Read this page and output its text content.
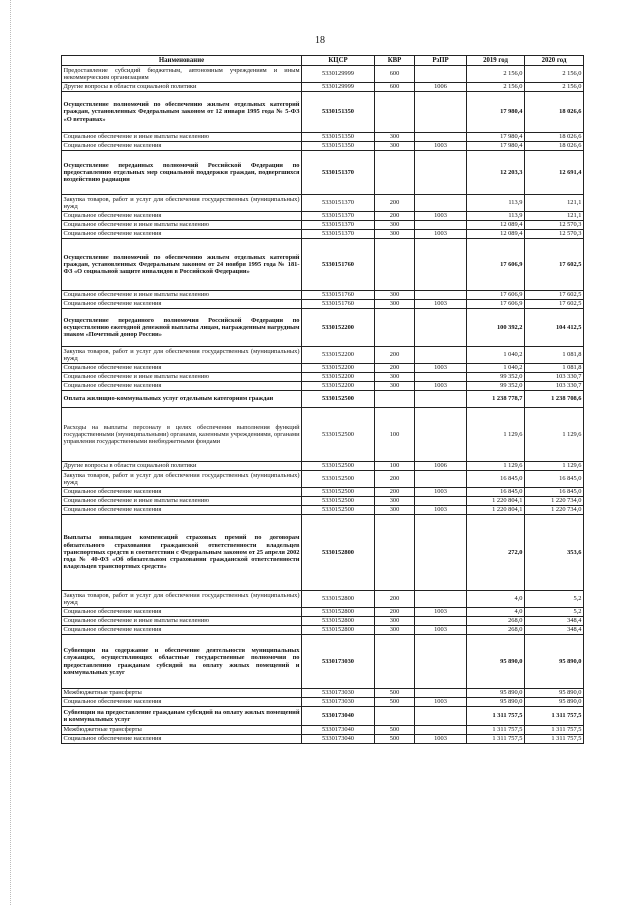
18
Наименование	КЦСР	КВР	РзПР	2019 год	2020 год
Предоставление субсидий бюджетным, автономным учреждениям и иным некоммерческим организациям	5330129999	600		2 156,0	2 156,0
Другие вопросы в области социальной политики	5330129999	600	1006	2 156,0	2 156,0
Осуществление полномочий по обеспечению жильем отдельных категорий граждан, установленных Федеральным законом от 12 января 1995 года № 5-ФЗ «О ветеранах»	5330151350			17 980,4	18 026,6
Социальное обеспечение и иные выплаты населению	5330151350	300		17 980,4	18 026,6
Социальное обеспечение населения	5330151350	300	1003	17 980,4	18 026,6
Осуществление переданных полномочий Российской Федерации по предоставлению отдельных мер социальной поддержки граждан, подвергшихся воздействию радиации	5330151370			12 203,3	12 691,4
Закупка товаров, работ и услуг для обеспечения государственных (муниципальных) нужд	5330151370	200		113,9	121,1
Социальное обеспечение населения	5330151370	200	1003	113,9	121,1
Социальное обеспечение и иные выплаты населению	5330151370	300		12 089,4	12 570,3
Социальное обеспечение населения	5330151370	300	1003	12 089,4	12 570,3
Осуществление полномочий по обеспечению жильем отдельных категорий граждан, установленных Федеральным законом от 24 ноября 1995 года № 181-ФЗ «О социальной защите инвалидов в Российской Федерации»	5330151760			17 606,9	17 602,5
Социальное обеспечение и иные выплаты населению	5330151760	300		17 606,9	17 602,5
Социальное обеспечение населения	5330151760	300	1003	17 606,9	17 602,5
Осуществление переданного полномочия Российской Федерации по осуществлению ежегодной денежной выплаты лицам, награжденным нагрудным знаком «Почетный донор России»	5330152200			100 392,2	104 412,5
Закупка товаров, работ и услуг для обеспечения государственных (муниципальных) нужд	5330152200	200		1 040,2	1 081,8
Социальное обеспечение населения	5330152200	200	1003	1 040,2	1 081,8
Социальное обеспечение и иные выплаты населению	5330152200	300		99 352,0	103 330,7
Социальное обеспечение населения	5330152200	300	1003	99 352,0	103 330,7
Оплата жилищно-коммунальных услуг отдельным категориям граждан	5330152500			1 238 778,7	1 238 708,6
Расходы на выплаты персоналу в целях обеспечения выполнения функций государственными (муниципальными) органами, казенными учреждениями, органами управления государственными внебюджетными фондами	5330152500	100		1 129,6	1 129,6
Другие вопросы в области социальной политики	5330152500	100	1006	1 129,6	1 129,6
Закупка товаров, работ и услуг для обеспечения государственных (муниципальных) нужд	5330152500	200		16 845,0	16 845,0
Социальное обеспечение населения	5330152500	200	1003	16 845,0	16 845,0
Социальное обеспечение и иные выплаты населению	5330152500	300		1 220 804,1	1 220 734,0
Социальное обеспечение населения	5330152500	300	1003	1 220 804,1	1 220 734,0
Выплаты инвалидам компенсаций страховых премий по договорам обязательного страхования гражданской ответственности владельцев транспортных средств в соответствии с Федеральным законом от 25 апреля 2002 года № 40-ФЗ «Об обязательном страховании гражданской ответственности владельцев транспортных средств»	5330152800			272,0	353,6
Закупка товаров, работ и услуг для обеспечения государственных (муниципальных) нужд	5330152800	200		4,0	5,2
Социальное обеспечение населения	5330152800	200	1003	4,0	5,2
Социальное обеспечение и иные выплаты населению	5330152800	300		268,0	348,4
Социальное обеспечение населения	5330152800	300	1003	268,0	348,4
Субвенции на содержание и обеспечение деятельности муниципальных служащих, осуществляющих областные государственные полномочия по предоставлению гражданам субсидий на оплату жилых помещений и коммунальных услуг	5330173030			95 890,0	95 890,0
Межбюджетные трансферты	5330173030	500		95 890,0	95 890,0
Социальное обеспечение населения	5330173030	500	1003	95 890,0	95 890,0
Субвенции на предоставление гражданам субсидий на оплату жилых помещений и коммунальных услуг	5330173040			1 311 757,5	1 311 757,5
Межбюджетные трансферты	5330173040	500		1 311 757,5	1 311 757,5
Социальное обеспечение населения	5330173040	500	1003	1 311 757,5	1 311 757,5
